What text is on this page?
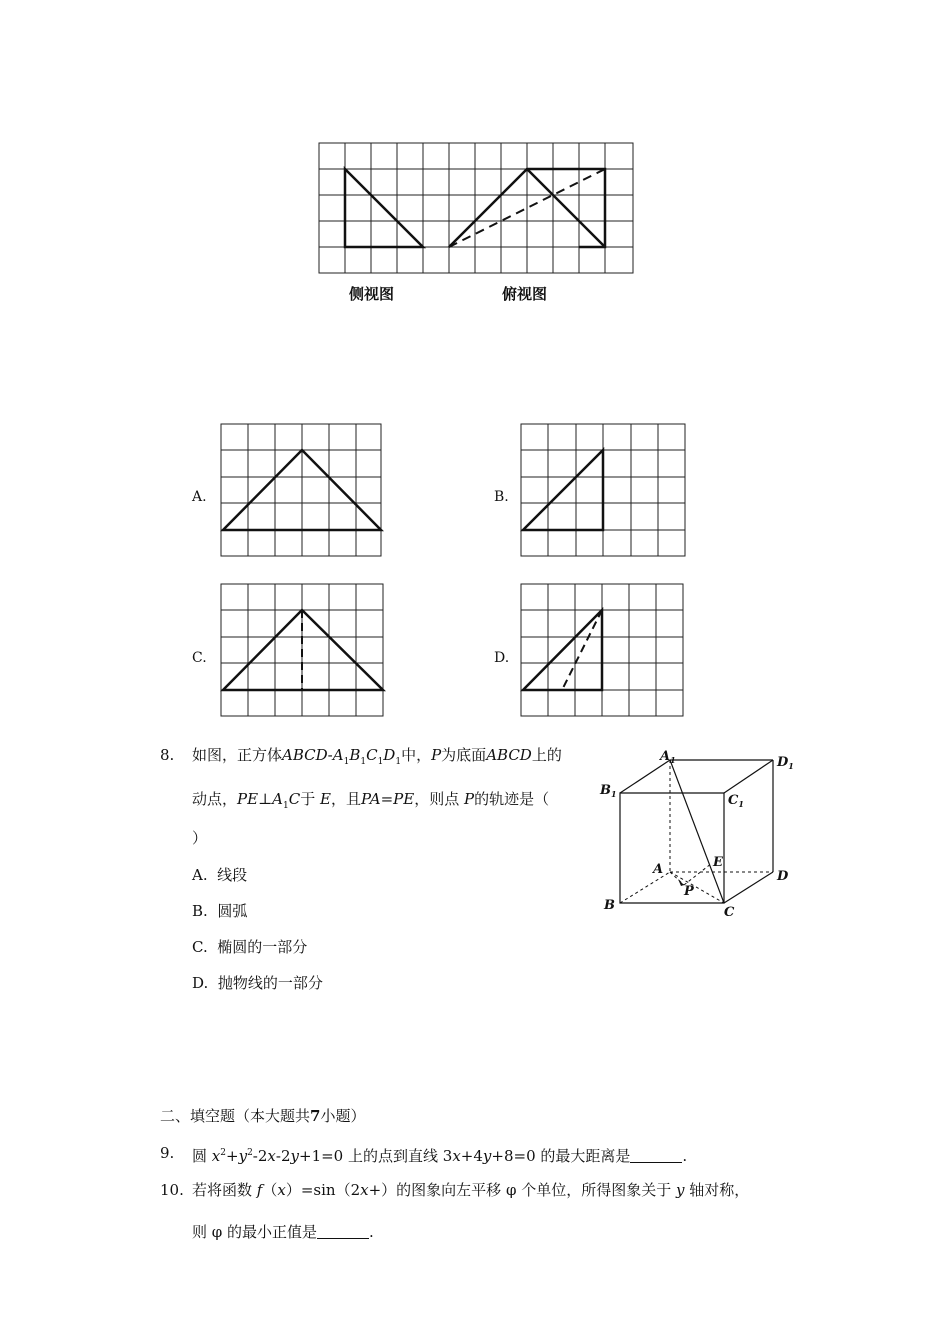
侧视图	俯视图
A.	B.
C.	D.
8. 如图，正方体ABCD-$A_1B_1C_1D_1$中，P为底面ABCD上的
动点，$PE\perp A_1C$于 E，且PA=PE，则点 P的轨迹是（
）
A. 线段
B. 圆弧
C. 椭圆的一部分
D. 抛物线的一部分
$A_1$	$D_1$
$B_1$	$C_1$
A	E
D
P
B	C
二、填空题（本大题共7小题）
9. 圆 $x^2+y^2-2x-2y+1=0$ 上的点到直线 3x+4y+8=0 的最大距离是	.
10. 若将函数 f（x）=sin（2x+）的图象向左平移 φ 个单位，所得图象关于 y 轴对称，
则 φ 的最小正值是	.
